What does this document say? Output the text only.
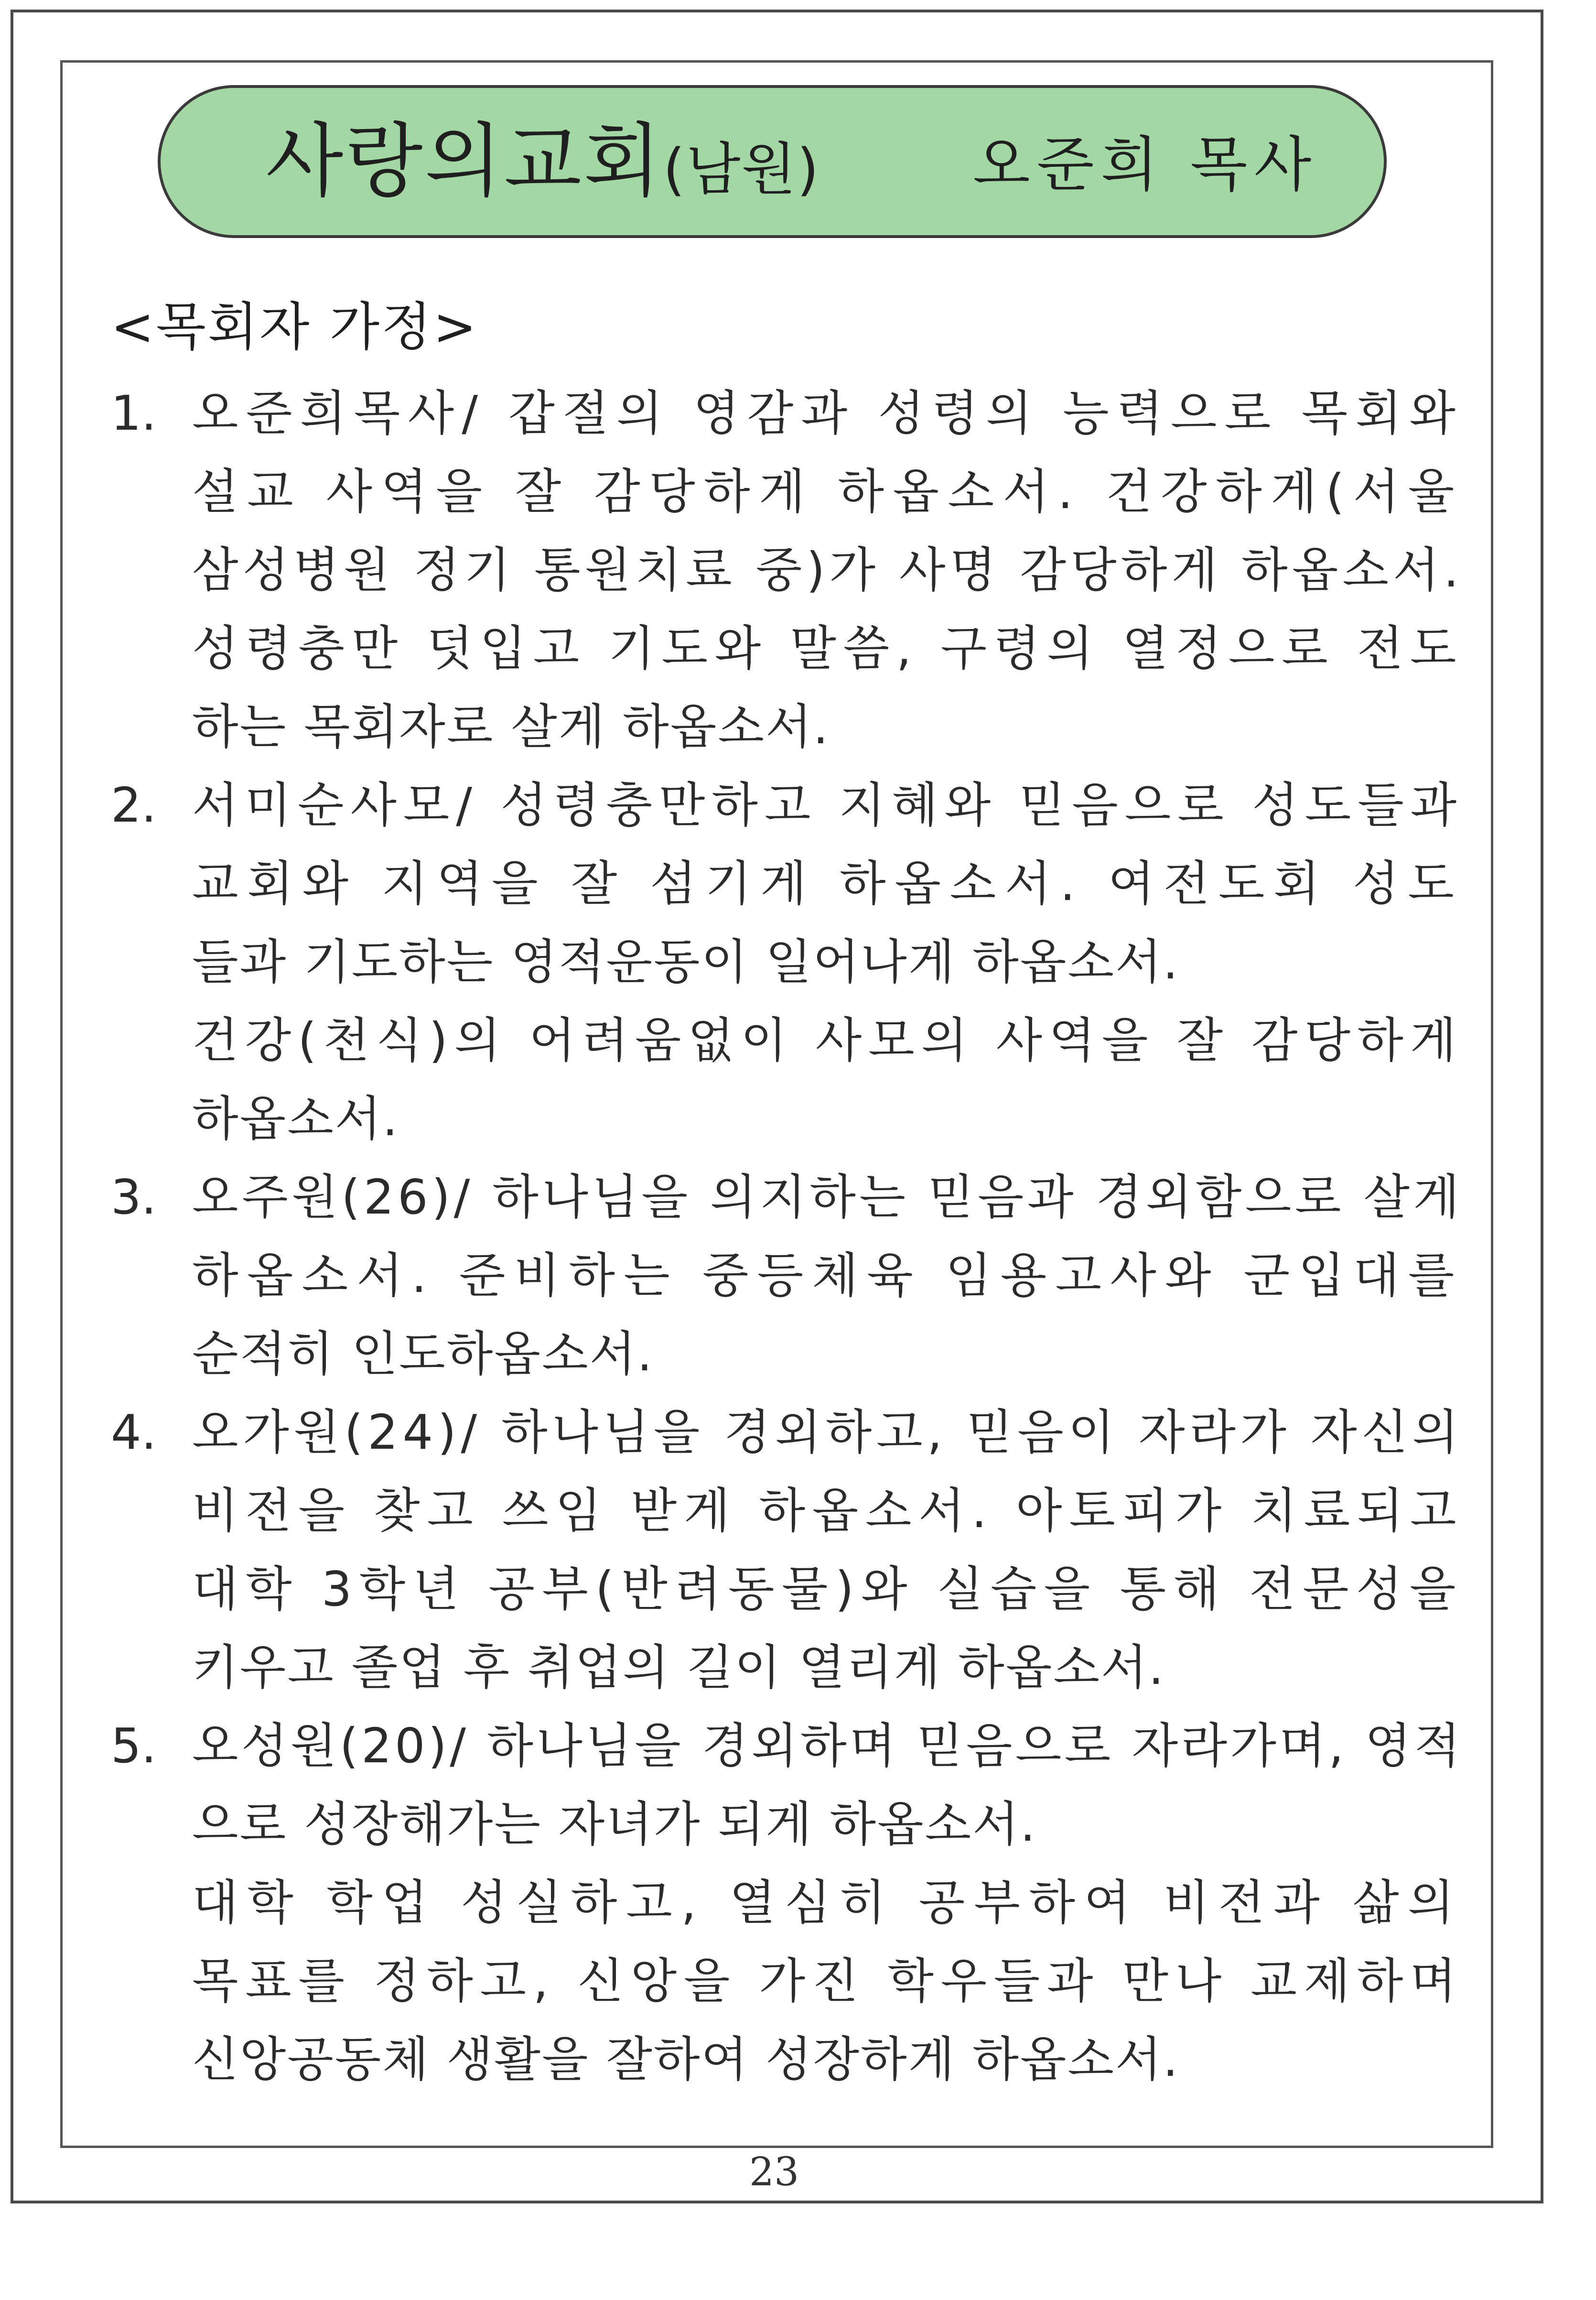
사랑의교회(남원)	오준희 목사
<목회자 가정>
1. 오준희목사/ 갑절의 영감과 성령의 능력으로 목회와
설교 사역을 잘 감당하게 하옵소서. 건강하게(서울
삼성병원 정기 통원치료 중)가 사명 감당하게 하옵소서.
성령충만 덧입고 기도와 말씀, 구령의 열정으로 전도
하는 목회자로 살게 하옵소서.
2. 서미순사모/ 성령충만하고 지혜와 믿음으로 성도들과
교회와 지역을 잘 섬기게 하옵소서. 여전도회 성도
들과 기도하는 영적운동이 일어나게 하옵소서.
건강(천식)의 어려움없이 사모의 사역을 잘 감당하게
하옵소서.
3. 오주원(26)/ 하나님을 의지하는 믿음과 경외함으로 살게
하옵소서. 준비하는 중등체육 임용고사와 군입대를
순적히 인도하옵소서.
4. 오가원(24)/ 하나님을 경외하고, 믿음이 자라가 자신의
비전을 찾고 쓰임 받게 하옵소서. 아토피가 치료되고
대학 3학년 공부(반려동물)와 실습을 통해 전문성을
키우고 졸업 후 취업의 길이 열리게 하옵소서.
5. 오성원(20)/ 하나님을 경외하며 믿음으로 자라가며, 영적
으로 성장해가는 자녀가 되게 하옵소서.
대학 학업 성실하고, 열심히 공부하여 비전과 삶의
목표를 정하고, 신앙을 가진 학우들과 만나 교제하며
신앙공동체 생활을 잘하여 성장하게 하옵소서.
23
